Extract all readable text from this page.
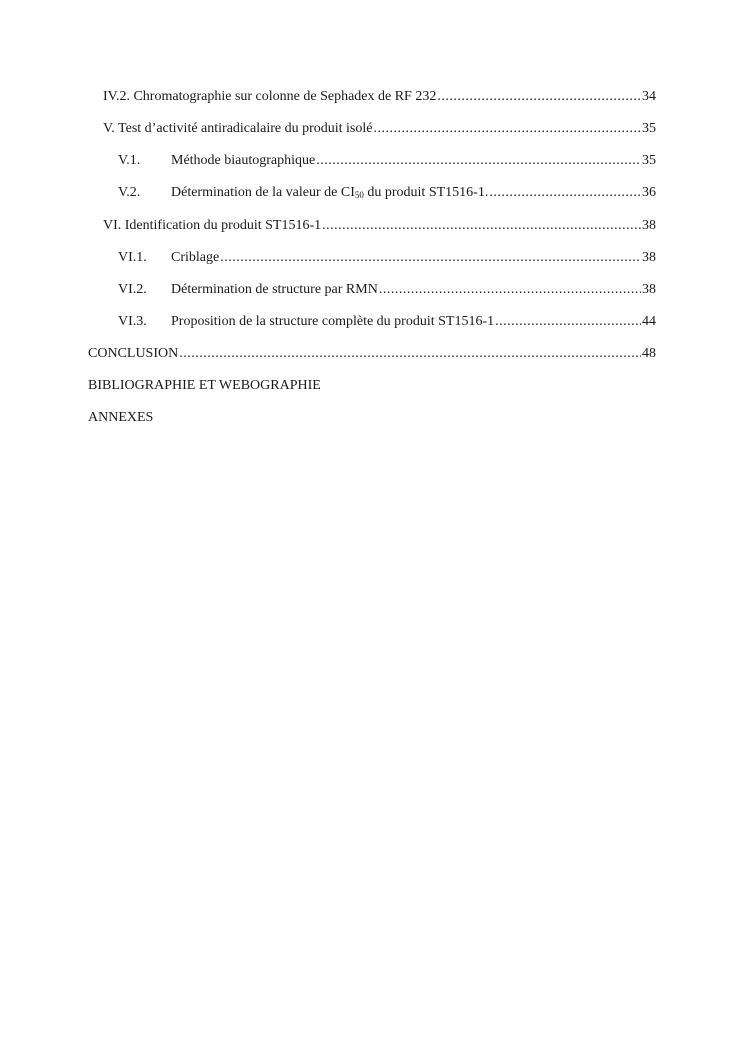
IV.2. Chromatographie sur colonne de Sephadex de RF 232 .....	34
V. Test d’activité antiradicalaire du produit isolé .....	35
V.1.	Méthode biautographique .....	35
V.2.	Détermination de la valeur de $CI_{50}$ du produit ST1516-1. .....	36
VI. Identification du produit ST1516-1 .....	38
VI.1.	Criblage .....	38
VI.2.	Détermination de structure par RMN .....	38
VI.3.	Proposition de la structure complète du produit ST1516-1 .....	44
CONCLUSION .....	48
BIBLIOGRAPHIE ET WEBOGRAPHIE
ANNEXES
